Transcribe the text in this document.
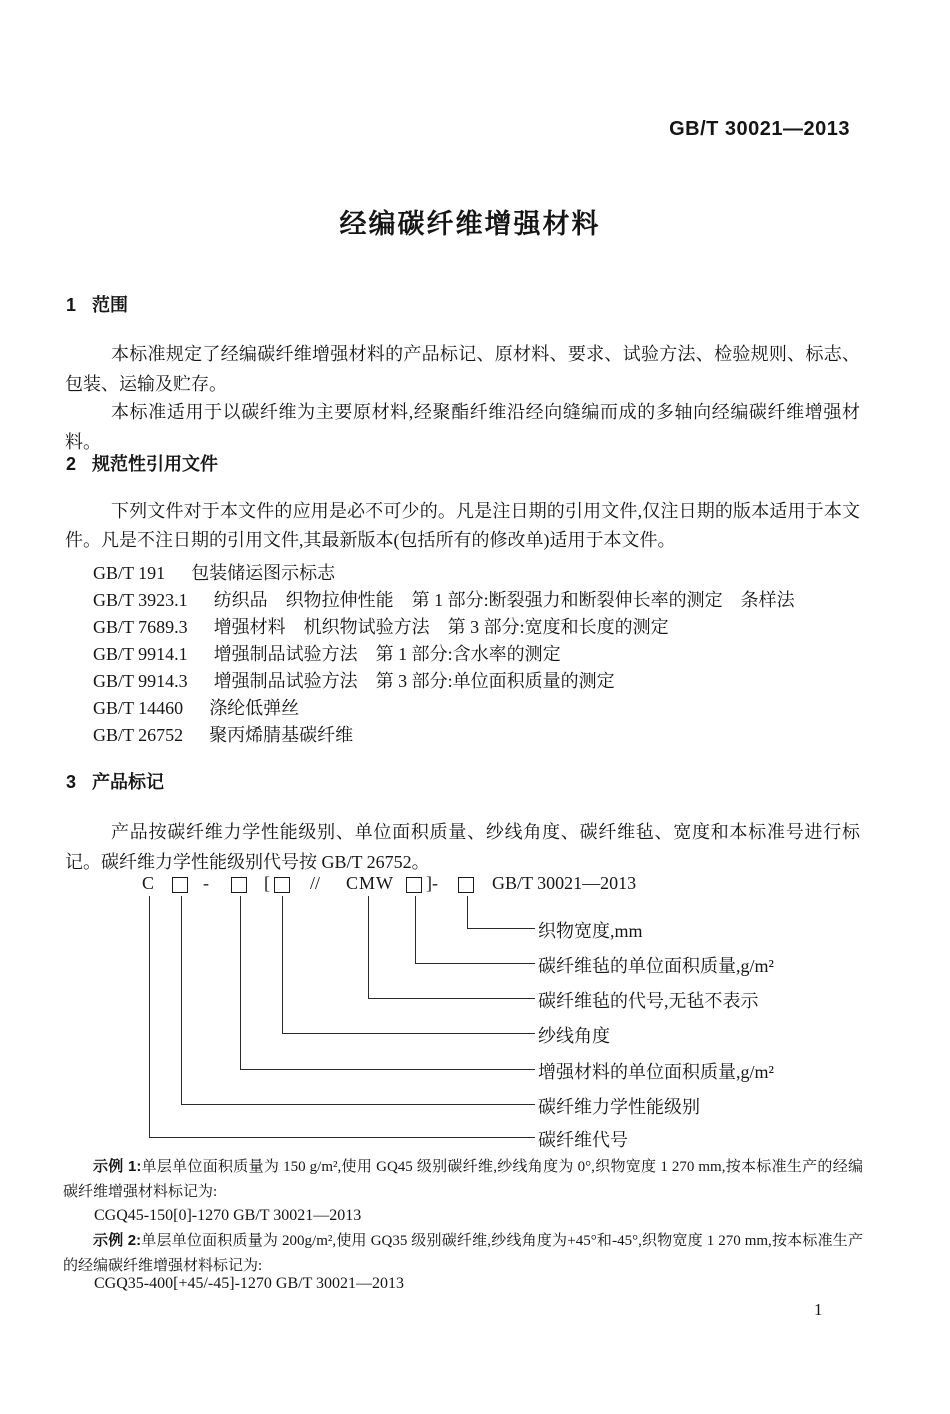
GB/T 30021—2013
经编碳纤维增强材料
1 范围
本标准规定了经编碳纤维增强材料的产品标记、原材料、要求、试验方法、检验规则、标志、包装、运输及贮存。
本标准适用于以碳纤维为主要原材料,经聚酯纤维沿经向缝编而成的多轴向经编碳纤维增强材料。
2 规范性引用文件
下列文件对于本文件的应用是必不可少的。凡是注日期的引用文件,仅注日期的版本适用于本文件。凡是不注日期的引用文件,其最新版本(包括所有的修改单)适用于本文件。
GB/T 191 包装储运图示标志
GB/T 3923.1 纺织品　织物拉伸性能　第 1 部分:断裂强力和断裂伸长率的测定　条样法
GB/T 7689.3 增强材料　机织物试验方法　第 3 部分:宽度和长度的测定
GB/T 9914.1 增强制品试验方法　第 1 部分:含水率的测定
GB/T 9914.3 增强制品试验方法　第 3 部分:单位面积质量的测定
GB/T 14460 涤纶低弹丝
GB/T 26752 聚丙烯腈基碳纤维
3 产品标记
产品按碳纤维力学性能级别、单位面积质量、纱线角度、碳纤维毡、宽度和本标准号进行标记。碳纤维力学性能级别代号按 GB/T 26752。
C	-	[ // CMW ]-	GB/T 30021—2013
织物宽度,mm
碳纤维毡的单位面积质量,g/m²
碳纤维毡的代号,无毡不表示
纱线角度
增强材料的单位面积质量,g/m²
碳纤维力学性能级别
碳纤维代号
示例 1:单层单位面积质量为 150 g/m²,使用 GQ45 级别碳纤维,纱线角度为 0°,织物宽度 1 270 mm,按本标准生产的经编碳纤维增强材料标记为:
CGQ45-150[0]-1270 GB/T 30021—2013
示例 2:单层单位面积质量为 200g/m²,使用 GQ35 级别碳纤维,纱线角度为+45°和-45°,织物宽度 1 270 mm,按本标准生产的经编碳纤维增强材料标记为:
CGQ35-400[+45/-45]-1270 GB/T 30021—2013
1
